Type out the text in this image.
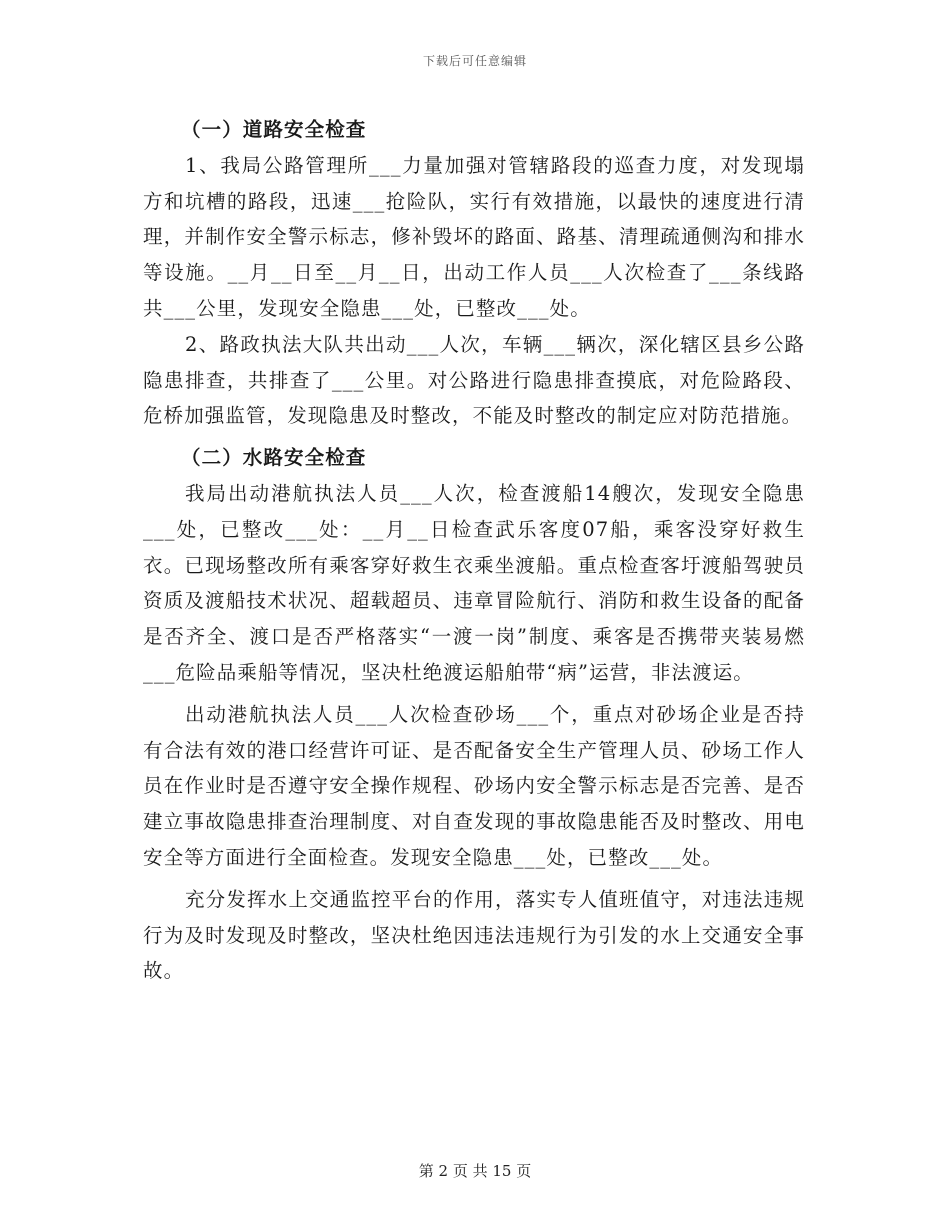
下载后可任意编辑

（一）道路安全检查

1、我局公路管理所___力量加强对管辖路段的巡查力度，对发现塌方和坑槽的路段，迅速___抢险队，实行有效措施，以最快的速度进行清理，并制作安全警示标志，修补毁坏的路面、路基、清理疏通侧沟和排水等设施。__月__日至__月__日，出动工作人员___人次检查了___条线路共___公里，发现安全隐患___处，已整改___处。

2、路政执法大队共出动___人次，车辆___辆次，深化辖区县乡公路隐患排查，共排查了___公里。对公路进行隐患排查摸底，对危险路段、危桥加强监管，发现隐患及时整改，不能及时整改的制定应对防范措施。

（二）水路安全检查

我局出动港航执法人员___人次，检查渡船14艘次，发现安全隐患___处，已整改___处：__月__日检查武乐客度07船，乘客没穿好救生衣。已现场整改所有乘客穿好救生衣乘坐渡船。重点检查客圩渡船驾驶员资质及渡船技术状况、超载超员、违章冒险航行、消防和救生设备的配备是否齐全、渡口是否严格落实“一渡一岗”制度、乘客是否携带夹装易燃___危险品乘船等情况，坚决杜绝渡运船舶带“病”运营，非法渡运。

出动港航执法人员___人次检查砂场___个，重点对砂场企业是否持有合法有效的港口经营许可证、是否配备安全生产管理人员、砂场工作人员在作业时是否遵守安全操作规程、砂场内安全警示标志是否完善、是否建立事故隐患排查治理制度、对自查发现的事故隐患能否及时整改、用电安全等方面进行全面检查。发现安全隐患___处，已整改___处。

充分发挥水上交通监控平台的作用，落实专人值班值守，对违法违规行为及时发现及时整改，坚决杜绝因违法违规行为引发的水上交通安全事故。

第 2 页 共 15 页
